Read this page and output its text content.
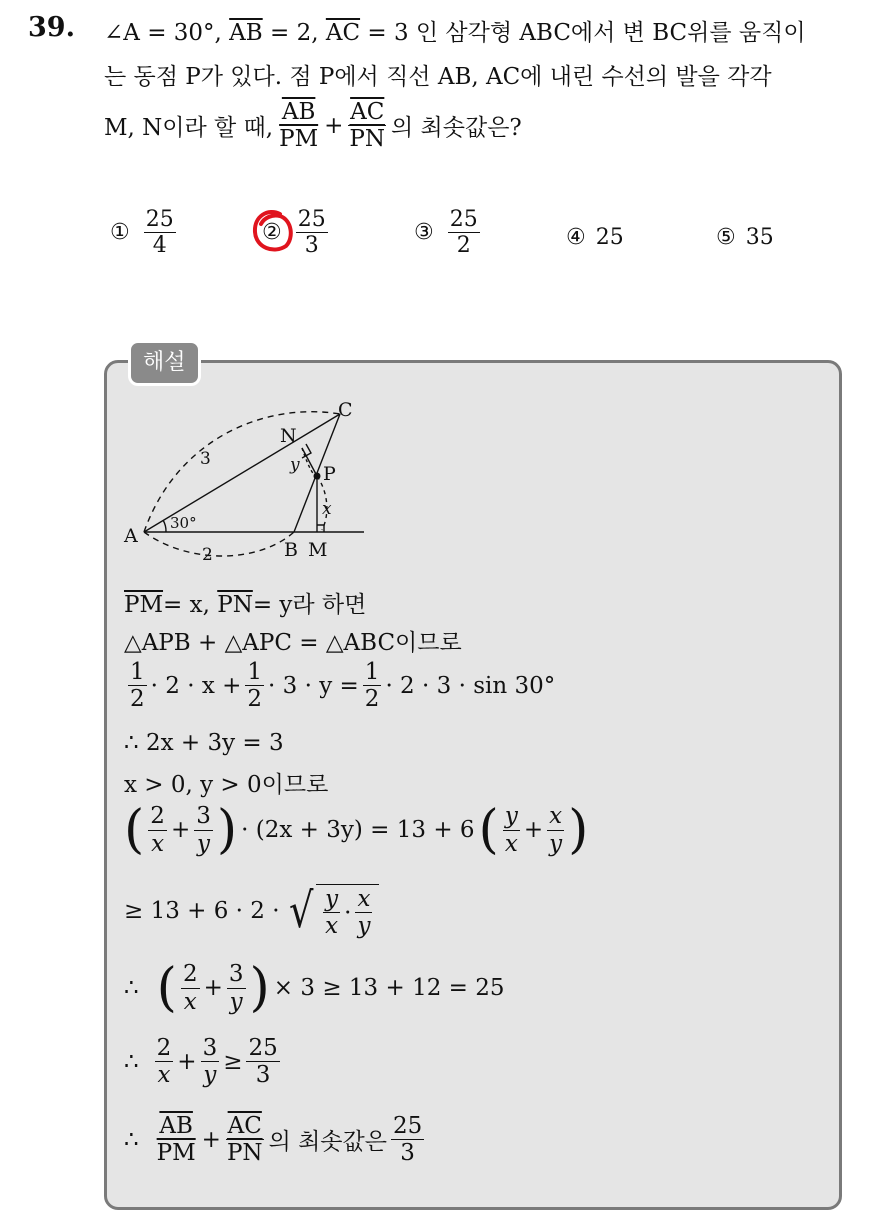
39. ∠A = 30°, $\overline{AB} = 2$, $\overline{AC} = 3$ 인 삼각형 ABC에서 변 BC위를 움직이
는 동점 P가 있다. 점 P에서 직선 AB, AC에 내린 수선의 발을 각각
M, N이라 할 때, $\frac{\overline{AB}}{PM} + \frac{\overline{AC}}{PN}$ 의 최솟값은?
① $\frac{25}{4}$	② $\frac{25}{3}$	③ $\frac{25}{2}$	④ 25	⑤ 35
해설
A
B M
C
N
P
x
y
3
2
30°
$\overline{PM}= x$, $\overline{PN}= y$라 하면
△APB + △APC = △ABC이므로
$\frac{1}{2} \cdot 2 \cdot x + \frac{1}{2} \cdot 3 \cdot y = \frac{1}{2} \cdot 2 \cdot 3 \cdot \sin 30^\circ$
∴ 2x + 3y = 3
x > 0, y > 0이므로
( $\frac{2}{x} + \frac{3}{y}$ ) · (2x + 3y) = 13 + 6 ( $\frac{y}{x} + \frac{x}{y}$ )
≥ 13 + 6 · 2 · √ $\frac{y}{x} \cdot \frac{x}{y}$
∴ ( $\frac{2}{x} + \frac{3}{y}$ ) × 3 ≥ 13 + 12 = 25
∴ $\frac{2}{x} + \frac{3}{y} \ge \frac{25}{3}$
∴ $\frac{\overline{AB}}{PM} + \frac{\overline{AC}}{PN}$ 의 최솟값은 $\frac{25}{3}$
